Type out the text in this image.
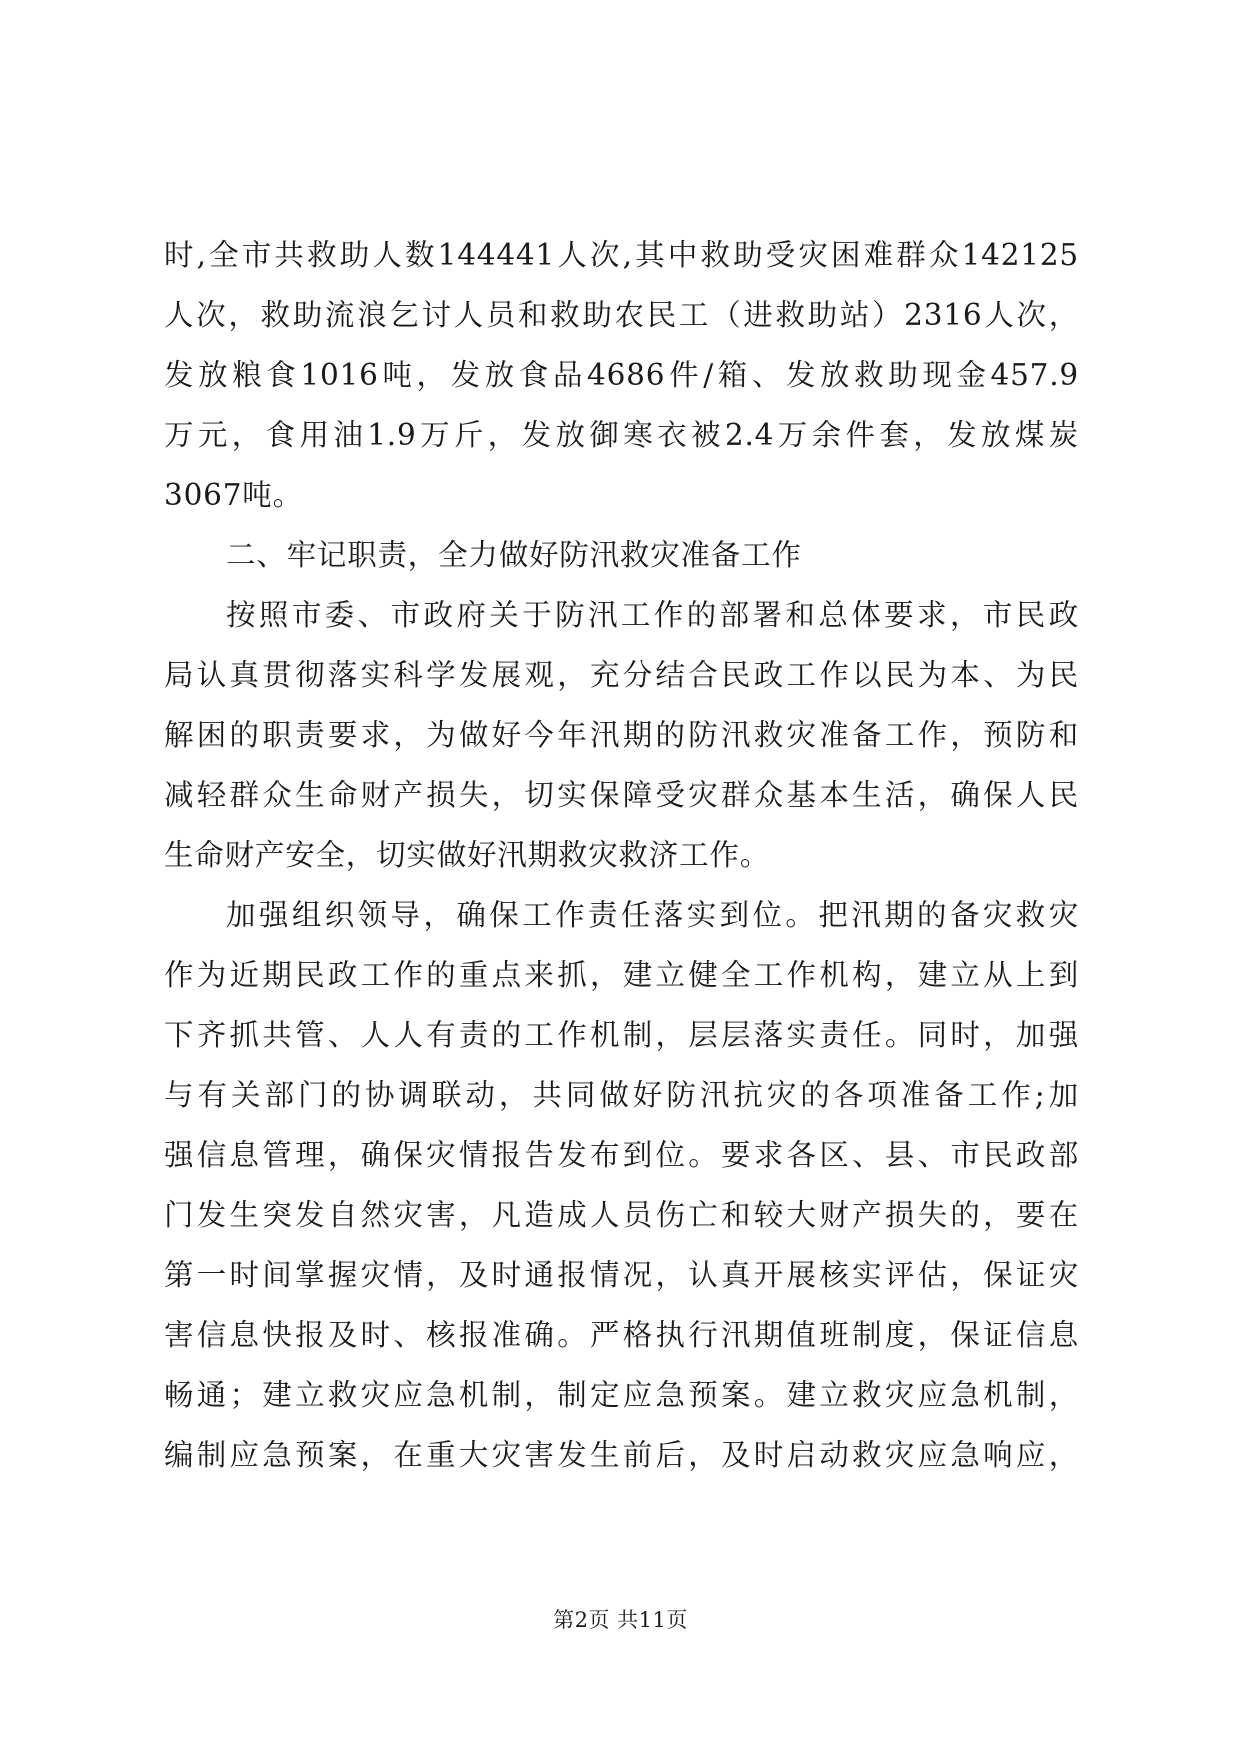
时,全市共救助人数144441人次,其中救助受灾困难群众142125
人次，救助流浪乞讨人员和救助农民工（进救助站）2316人次，
发放粮食1016吨，发放食品4686件/箱、发放救助现金457.9
万元，食用油1.9万斤，发放御寒衣被2.4万余件套，发放煤炭
3067吨。
二、牢记职责，全力做好防汛救灾准备工作
按照市委、市政府关于防汛工作的部署和总体要求，市民政
局认真贯彻落实科学发展观，充分结合民政工作以民为本、为民
解困的职责要求，为做好今年汛期的防汛救灾准备工作，预防和
减轻群众生命财产损失，切实保障受灾群众基本生活，确保人民
生命财产安全，切实做好汛期救灾救济工作。
加强组织领导，确保工作责任落实到位。把汛期的备灾救灾
作为近期民政工作的重点来抓，建立健全工作机构，建立从上到
下齐抓共管、人人有责的工作机制，层层落实责任。同时，加强
与有关部门的协调联动，共同做好防汛抗灾的各项准备工作;加
强信息管理，确保灾情报告发布到位。要求各区、县、市民政部
门发生突发自然灾害，凡造成人员伤亡和较大财产损失的，要在
第一时间掌握灾情，及时通报情况，认真开展核实评估，保证灾
害信息快报及时、核报准确。严格执行汛期值班制度，保证信息
畅通；建立救灾应急机制，制定应急预案。建立救灾应急机制，
编制应急预案，在重大灾害发生前后，及时启动救灾应急响应，
第2页 共11页
